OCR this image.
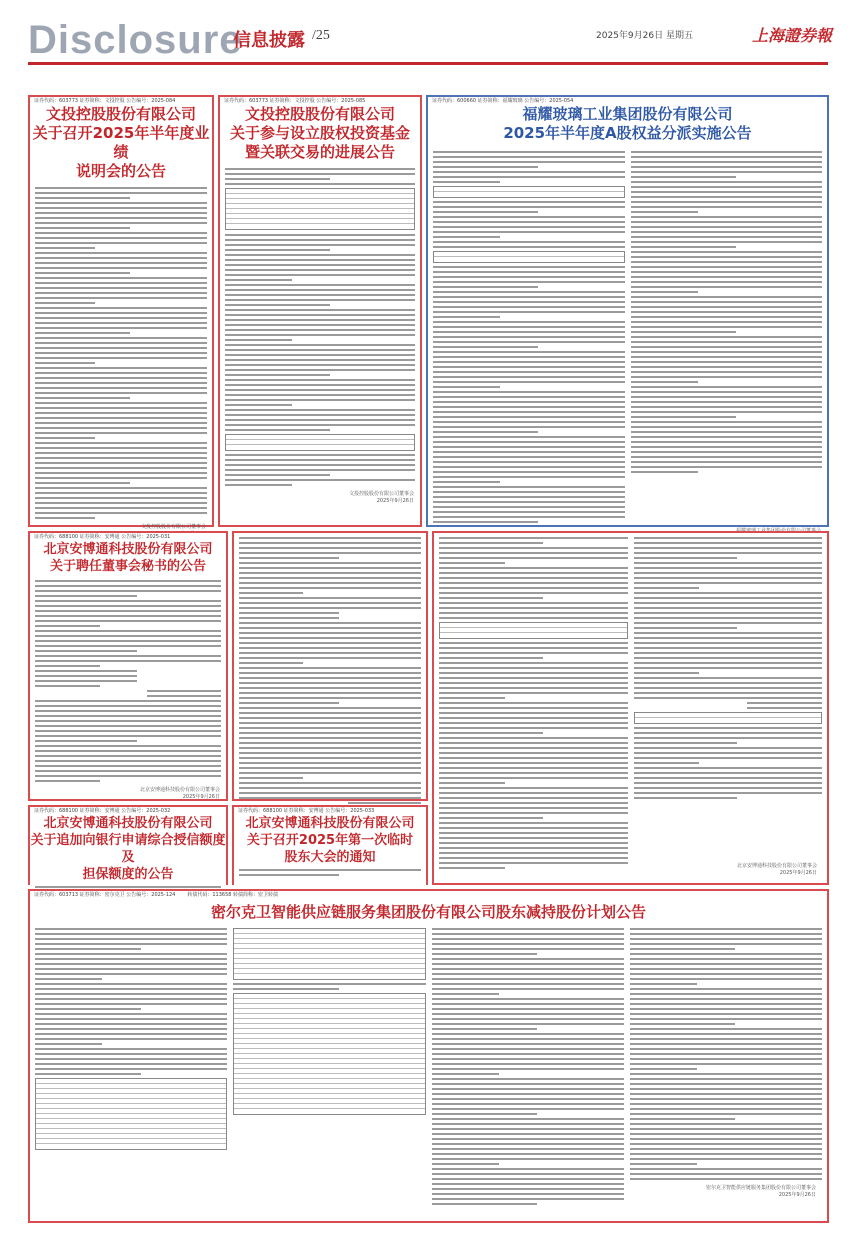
Disclosure
信息披露 /25	2025年9月26日 星期五	上海證券報
证券代码：603773 证券简称：文投控股 公告编号：2025-084
文投控股股份有限公司
关于召开2025年半年度业绩
说明会的公告
文投控股股份有限公司董事会

证券代码：603773 证券简称：文投控股 公告编号：2025-085
文投控股股份有限公司
关于参与设立股权投资基金
暨关联交易的进展公告
文投控股股份有限公司董事会
2025年9月26日
证券代码：600660 证券简称：福耀玻璃 公告编号：2025-054
福耀玻璃工业集团股份有限公司
2025年半年度A股权益分派实施公告
证券代码：688100 证券简称：安博通 公告编号：2025-031
北京安博通科技股份有限公司
关于聘任董事会秘书的公告
北京安博通科技股份有限公司董事会
2025年9月26日
证券代码：688100 证券简称：安博通 公告编号：2025-032
北京安博通科技股份有限公司
关于追加向银行申请综合授信额度及
担保额度的公告
证券代码：688100 证券简称：安博通 公告编号：2025-033
北京安博通科技股份有限公司
关于召开2025年第一次临时
股东大会的通知
北京安博通科技股份有限公司董事会
2025年9月26日
证券代码：603713 证券简称：密尔克卫 公告编号：2025-124 转债代码：113658 转债简称：密卫转债
密尔克卫智能供应链服务集团股份有限公司股东减持股份计划公告
密尔克卫智能供应链服务集团股份有限公司董事会
2025年9月26日
